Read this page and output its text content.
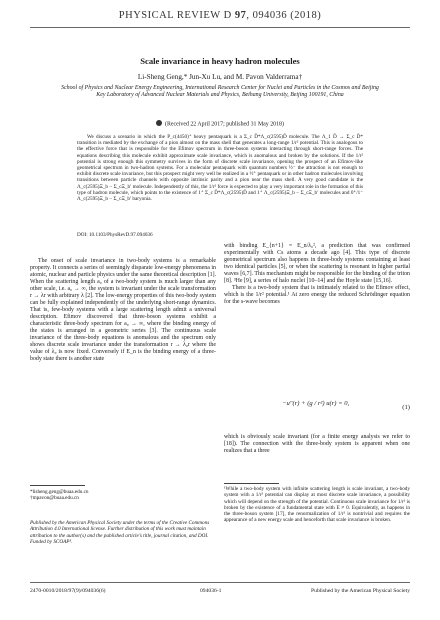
PHYSICAL REVIEW D 97, 094036 (2018)
Scale invariance in heavy hadron molecules
Li-Sheng Geng,* Jun-Xu Lu, and M. Pavon Valderrama†
School of Physics and Nuclear Energy Engineering, International Research Center for Nuclei and Particles in the Cosmos and Beijing Key Laboratory of Advanced Nuclear Materials and Physics, Beihang University, Beijing 100191, China
(Received 22 April 2017; published 31 May 2018)

We discuss a scenario in which the P_c(4450)⁺ heavy pentaquark is a Σ_c D̄*Λ_c(2595)D̄ molecule. The Λ_1 D̄ → Σ_c D̄* transition is mediated by the exchange of a pion almost on the mass shell that generates a long-range 1/r² potential. This is analogous to the effective force that is responsible for the Efimov spectrum in three-boson systems interacting through short-range forces. The equations describing this molecule exhibit approximate scale invariance, which is anomalous and broken by the solutions. If the 1/r² potential is strong enough this symmetry survives in the form of discrete scale invariance, opening the prospect of an Efimov-like geometrical spectrum in two-hadron systems. For a molecular pentaquark with quantum numbers ½⁻ the attraction is not enough to exhibit discrete scale invariance, but this prospect might very well be realized in a ½⁺ pentaquark or in other hadron molecules involving transitions between particle channels with opposite intrinsic parity and a pion near the mass shell. A very good candidate is the Λ_c(2595)Ξ_b − Σ_cΞ_b′ molecule. Independently of this, the 1/r² force is expected to play a very important role in the formation of this type of hadron molecule, which points to the existence of 1⁺ Σ_c D̄*Λ_c(2595)D̄ and 1⁺ Λ_c(2595)Ξ_b − Σ_cΞ_b′ molecules and 0⁺/1⁻ Λ_c(2595)Ξ_b − Σ_cΞ_b′ baryonia.

DOI: 10.1103/PhysRevD.97.094036

The onset of scale invariance in two-body systems is a remarkable property. It connects a series of seemingly disparate low-energy phenomena in atomic, nuclear and particle physics under the same theoretical description [1]. When the scattering length a₀ of a two-body system is much larger than any other scale, i.e. a₀ → ∞, the system is invariant under the scale transformation r → λr with arbitrary λ [2]. The low-energy properties of this two-body system can be fully explained independently of the underlying short-range dynamics. That is, few-body systems with a large scattering length admit a universal description. Efimov discovered that three-boson systems exhibit a characteristic three-body spectrum for a₀ → ∞, where the binding energy of the states is arranged in a geometric series [3]. The continuous scale invariance of the three-body equations is anomalous and the spectrum only shows discrete scale invariance under the transformation r → λ₀r where the value of λ₀ is now fixed. Conversely if E_n is the binding energy of a three-body state there is another state

with binding E_{n+1} = E_n/λ₀², a prediction that was confirmed experimentally with Cs atoms a decade ago [4]. This type of discrete geometrical spectrum also happens in three-body systems containing at least two identical particles [5], or when the scattering is resonant in higher partial waves [6,7]. This mechanism might be responsible for the binding of the triton [8]. ³He [9], a series of halo nuclei [10–14] and the Hoyle state [15,16].

There is a two-body system that is intimately related to the Efimov effect, which is the 1/r² potential.¹ At zero energy the reduced Schrödinger equation for the s-wave becomes

−u″(r) + (g / r²) u(r) = 0,
(1)

which is obviously scale invariant (for a finite energy analysis we refer to [18]). The connection with the three-body system is apparent when one realizes that a three

*lisheng.geng@buaa.edu.cn

†mpavon@buaa.edu.cn

Published by the American Physical Society under the terms of the Creative Commons Attribution 4.0 International license. Further distribution of this work must maintain attribution to the author(s) and the published article’s title, journal citation, and DOI. Funded by SCOAP³.
¹While a two-body system with infinite scattering length is scale invariant, a two-body system with a 1/r² potential can display at most discrete scale invariance, a possibility which will depend on the strength of the potential. Continuous scale invariance for 1/r² is broken by the existence of a fundamental state with E ≠ 0. Equivalently, as happens in the three-boson system [17], the renormalization of 1/r² is nontrivial and requires the appearance of a new energy scale and henceforth that scale invariance is broken.
2470-0010/2018/97(9)/094036(6)	094036-1	Published by the American Physical Society
